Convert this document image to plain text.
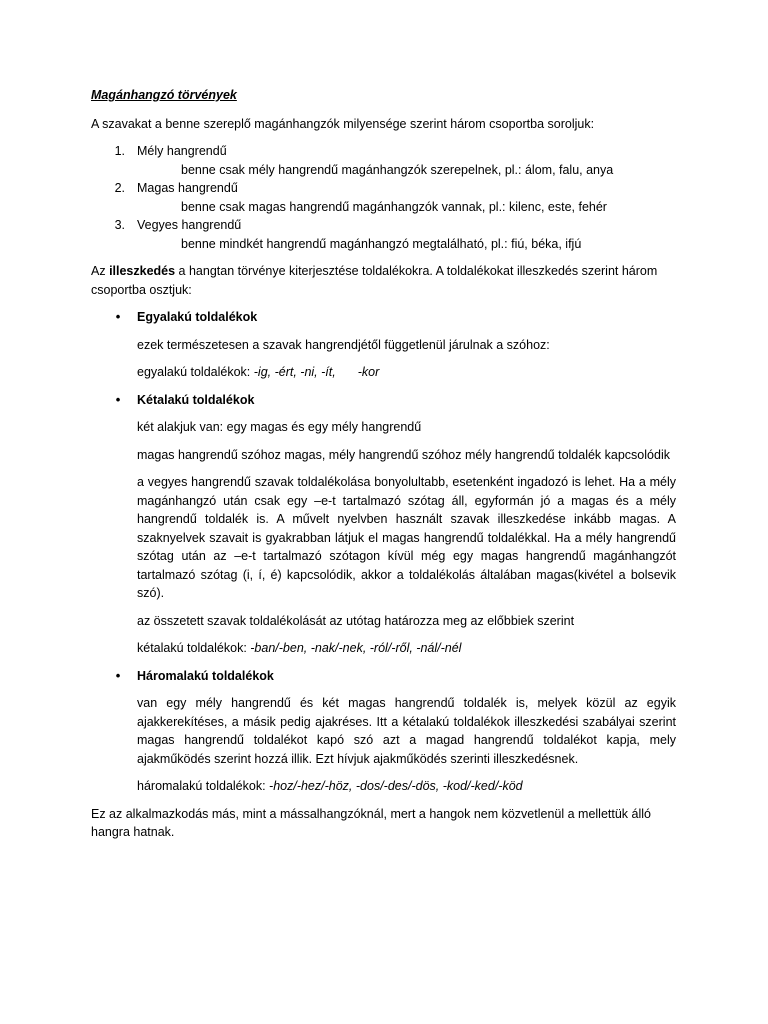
Magánhangzó törvények

A szavakat a benne szereplő magánhangzók milyensége szerint három csoportba soroljuk:

1. Mély hangrendű
benne csak mély hangrendű magánhangzók szerepelnek, pl.: álom, falu, anya
2. Magas hangrendű
benne csak magas hangrendű magánhangzók vannak, pl.: kilenc, este, fehér
3. Vegyes hangrendű
benne mindkét hangrendű magánhangzó megtalálható, pl.: fiú, béka, ifjú

Az illeszkedés a hangtan törvénye kiterjesztése toldalékokra. A toldalékokat illeszkedés szerint három csoportba osztjuk:

•	Egyalakú toldalékok

ezek természetesen a szavak hangrendjétől függetlenül járulnak a szóhoz:

egyalakú toldalékok: -ig, -ért, -ni, -ít, -kor

•	Kétalakú toldalékok

két alakjuk van: egy magas és egy mély hangrendű

magas hangrendű szóhoz magas, mély hangrendű szóhoz mély hangrendű toldalék kapcsolódik

a vegyes hangrendű szavak toldalékolása bonyolultabb, esetenként ingadozó is lehet. Ha a mély magánhangzó után csak egy –e-t tartalmazó szótag áll, egyformán jó a magas és a mély hangrendű toldalék is. A művelt nyelvben használt szavak illeszkedése inkább magas. A szaknyelvek szavait is gyakrabban látjuk el magas hangrendű toldalékkal. Ha a mély hangrendű szótag után az –e-t tartalmazó szótagon kívül még egy magas hangrendű magánhangzót tartalmazó szótag (i, í, é) kapcsolódik, akkor a toldalékolás általában magas(kivétel a bolsevik szó).

az összetett szavak toldalékolását az utótag határozza meg az előbbiek szerint

kétalakú toldalékok: -ban/-ben, -nak/-nek, -ról/-ről, -nál/-nél

•	Háromalakú toldalékok

van egy mély hangrendű és két magas hangrendű toldalék is, melyek közül az egyik ajakkerekítéses, a másik pedig ajakréses. Itt a kétalakú toldalékok illeszkedési szabályai szerint magas hangrendű toldalékot kapó szó azt a magad hangrendű toldalékot kapja, mely ajakműködés szerint hozzá illik. Ezt hívjuk ajakműködés szerinti illeszkedésnek.

háromalakú toldalékok: -hoz/-hez/-höz, -dos/-des/-dös, -kod/-ked/-köd

Ez az alkalmazkodás más, mint a mássalhangzóknál, mert a hangok nem közvetlenül a mellettük álló hangra hatnak.
